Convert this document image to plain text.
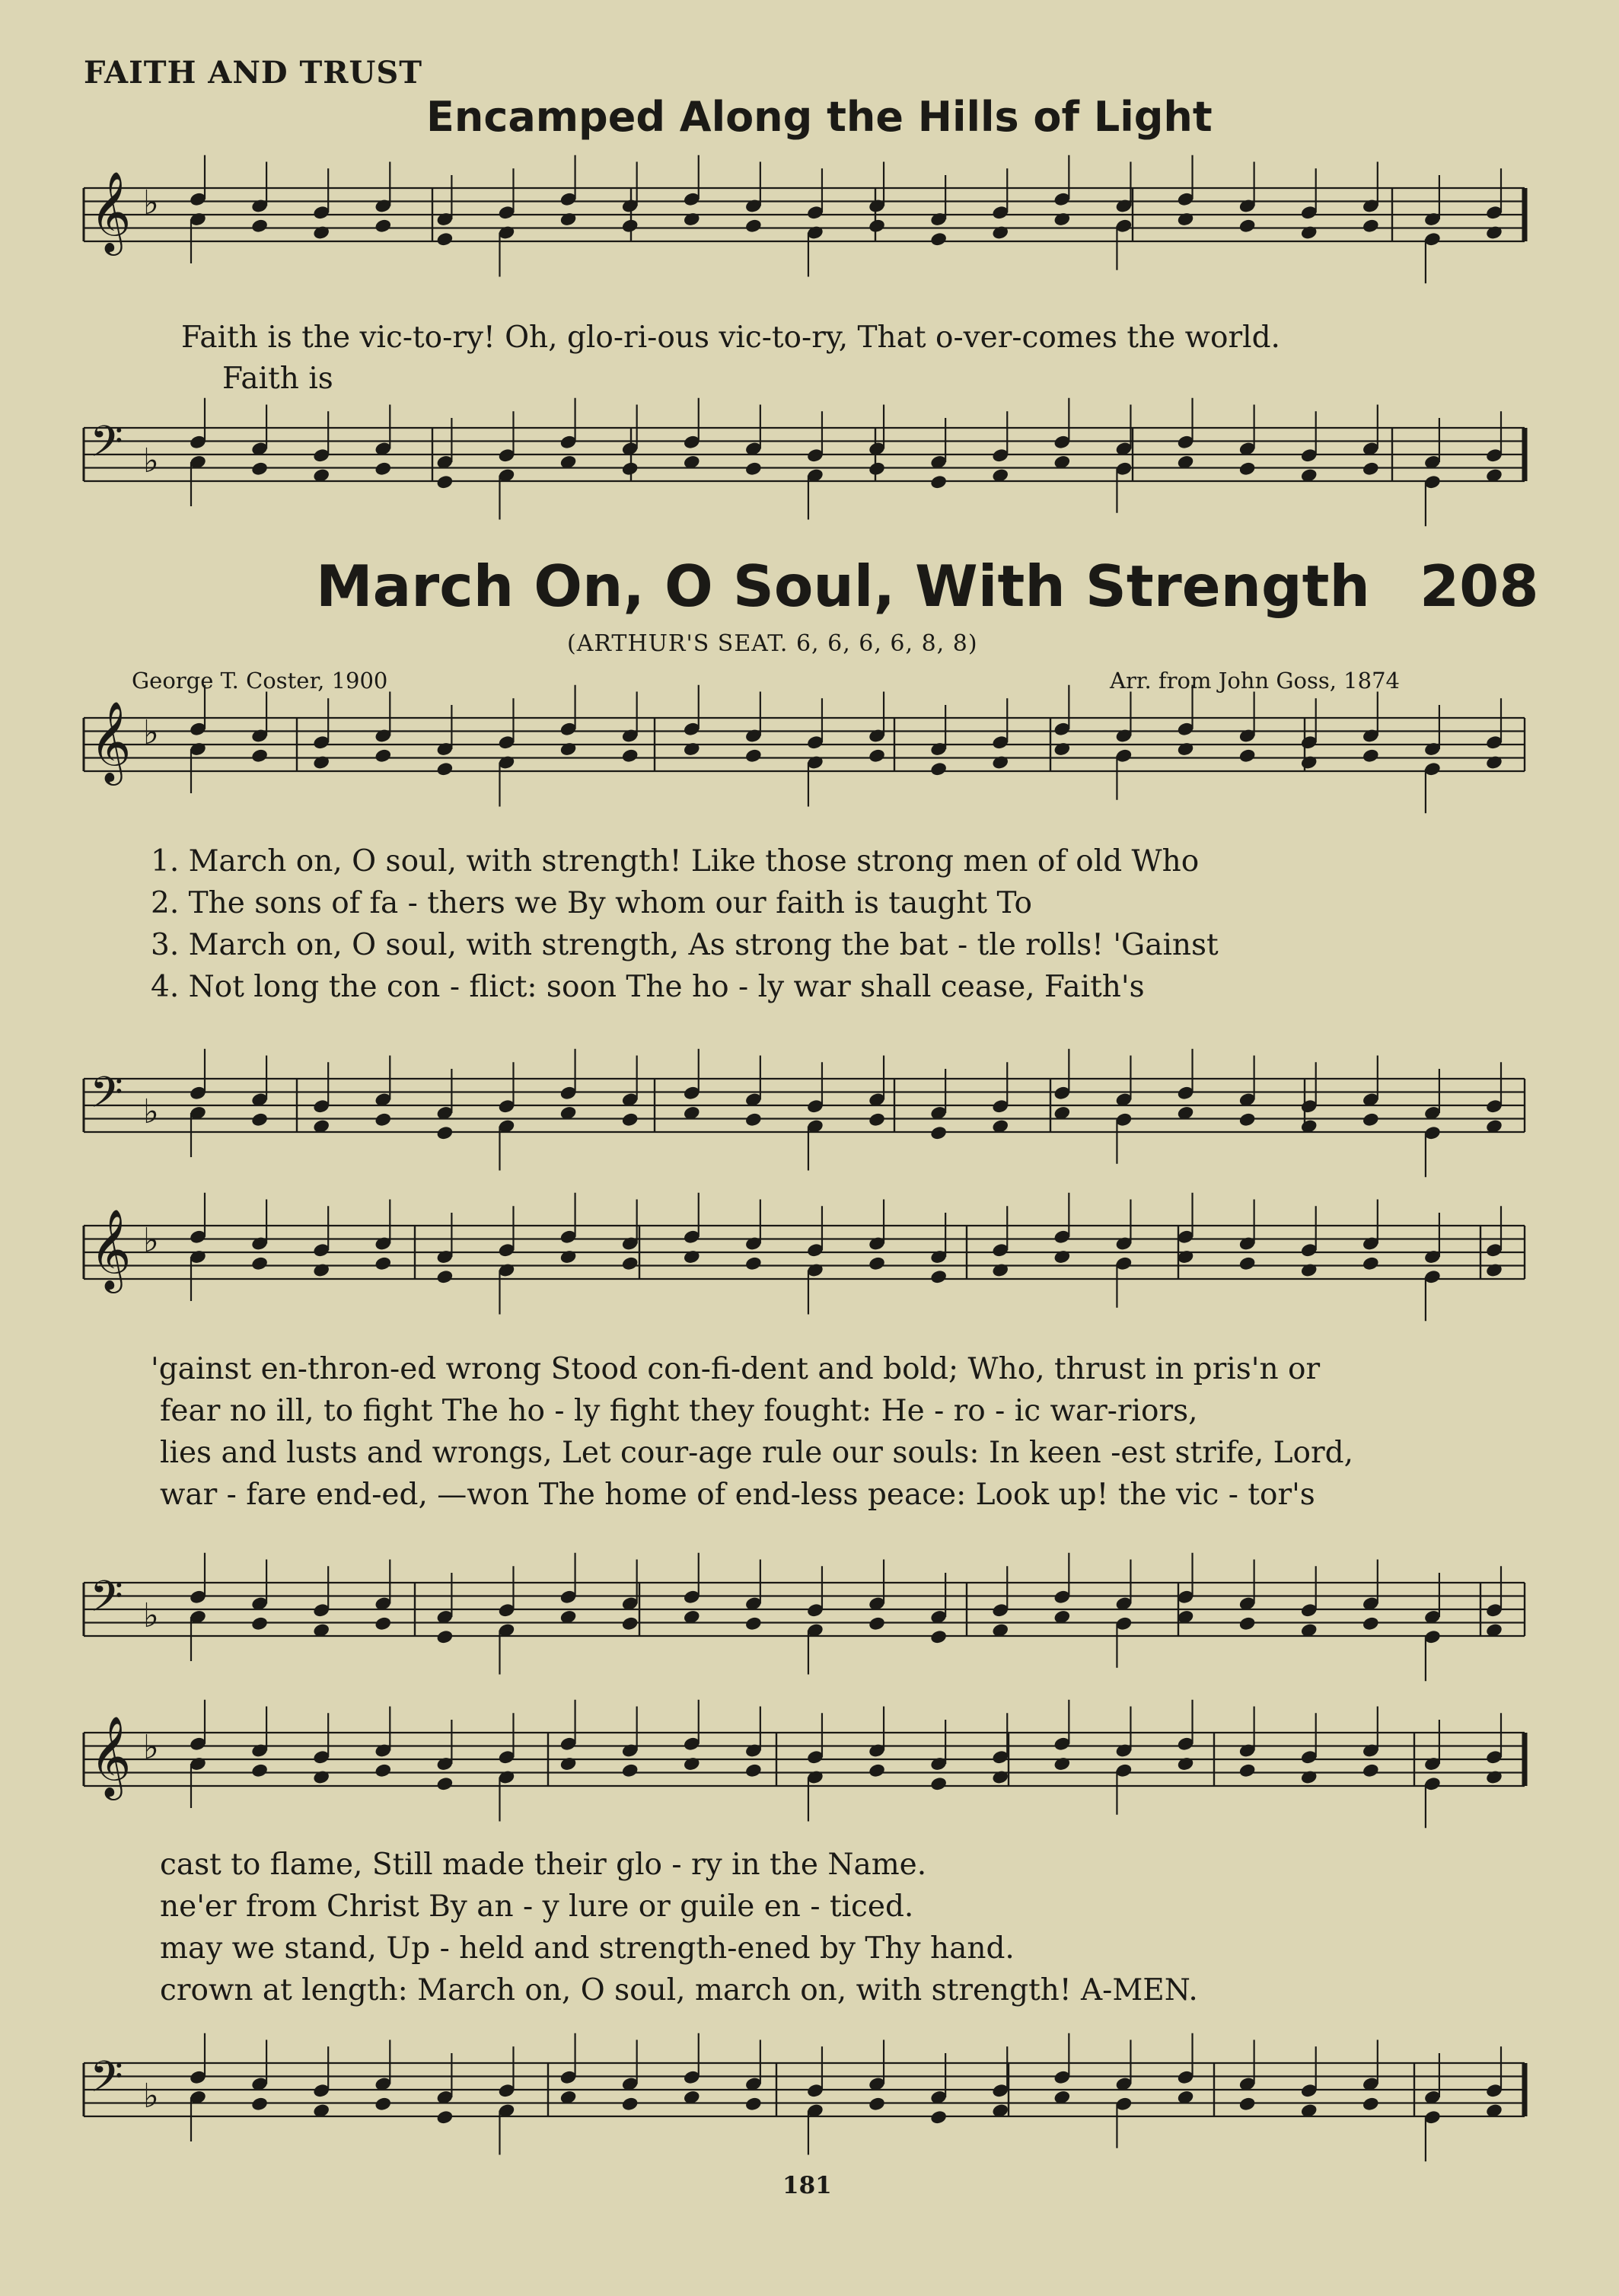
FAITH AND TRUST
Encamped Along the Hills of Light
Faith is the vic-to-ry! Oh, glo-ri-ous vic-to-ry, That o-ver-comes the world.
Faith is
March On, O Soul, With Strength 208
(ARTHUR'S SEAT. 6, 6, 6, 6, 8, 8)
George T. Coster, 1900	Arr. from John Goss, 1874
1. March on, O soul, with strength! Like those strong men of old Who
2. The sons of fa - thers we By whom our faith is taught To
3. March on, O soul, with strength, As strong the bat - tle rolls! 'Gainst
4. Not long the con - flict: soon The ho - ly war shall cease, Faith's
'gainst en-thron-ed wrong Stood con-fi-dent and bold; Who, thrust in pris'n or
fear no ill, to fight The ho - ly fight they fought: He - ro - ic war-riors,
lies and lusts and wrongs, Let cour-age rule our souls: In keen -est strife, Lord,
war - fare end-ed, —won The home of end-less peace: Look up! the vic - tor's
cast to flame, Still made their glo - ry in the Name.
ne'er from Christ By an - y lure or guile en - ticed.
may we stand, Up - held and strength-ened by Thy hand.
crown at length: March on, O soul, march on, with strength! A-MEN.
181
𝄞 ♭
𝄢 ♭
𝄞 ♭
𝄢 ♭
𝄞 ♭
𝄢 ♭
𝄞 ♭
𝄢 ♭
